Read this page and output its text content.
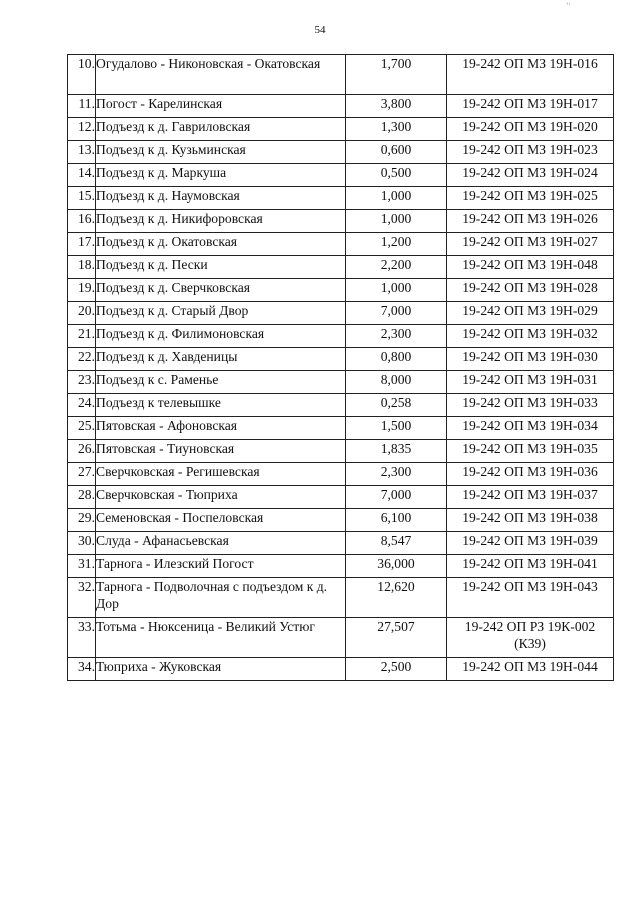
54
‘‘
10.	Огудалово - Никоновская - Окатовская	1,700	19-242 ОП МЗ 19Н-016
11.	Погост - Карелинская	3,800	19-242 ОП МЗ 19Н-017
12.	Подъезд к д. Гавриловская	1,300	19-242 ОП МЗ 19Н-020
13.	Подъезд к д. Кузьминская	0,600	19-242 ОП МЗ 19Н-023
14.	Подъезд к д. Маркуша	0,500	19-242 ОП МЗ 19Н-024
15.	Подъезд к д. Наумовская	1,000	19-242 ОП МЗ 19Н-025
16.	Подъезд к д. Никифоровская	1,000	19-242 ОП МЗ 19Н-026
17.	Подъезд к д. Окатовская	1,200	19-242 ОП МЗ 19Н-027
18.	Подъезд к д. Пески	2,200	19-242 ОП МЗ 19Н-048
19.	Подъезд к д. Сверчковская	1,000	19-242 ОП МЗ 19Н-028
20.	Подъезд к д. Старый Двор	7,000	19-242 ОП МЗ 19Н-029
21.	Подъезд к д. Филимоновская	2,300	19-242 ОП МЗ 19Н-032
22.	Подъезд к д. Хавденицы	0,800	19-242 ОП МЗ 19Н-030
23.	Подъезд к с. Раменье	8,000	19-242 ОП МЗ 19Н-031
24.	Подъезд к телевышке	0,258	19-242 ОП МЗ 19Н-033
25.	Пятовская - Афоновская	1,500	19-242 ОП МЗ 19Н-034
26.	Пятовская - Тиуновская	1,835	19-242 ОП МЗ 19Н-035
27.	Сверчковская - Регишевская	2,300	19-242 ОП МЗ 19Н-036
28.	Сверчковская - Тюприха	7,000	19-242 ОП МЗ 19Н-037
29.	Семеновская - Поспеловская	6,100	19-242 ОП МЗ 19Н-038
30.	Слуда - Афанасьевская	8,547	19-242 ОП МЗ 19Н-039
31.	Тарнога - Илезский Погост	36,000	19-242 ОП МЗ 19Н-041
32.	Тарнога - Подволочная с подъездом к д. Дор	12,620	19-242 ОП МЗ 19Н-043
33.	Тотьма - Нюксеница - Великий Устюг	27,507	19-242 ОП РЗ 19К-002
(К39)
34.	Тюприха - Жуковская	2,500	19-242 ОП МЗ 19Н-044
